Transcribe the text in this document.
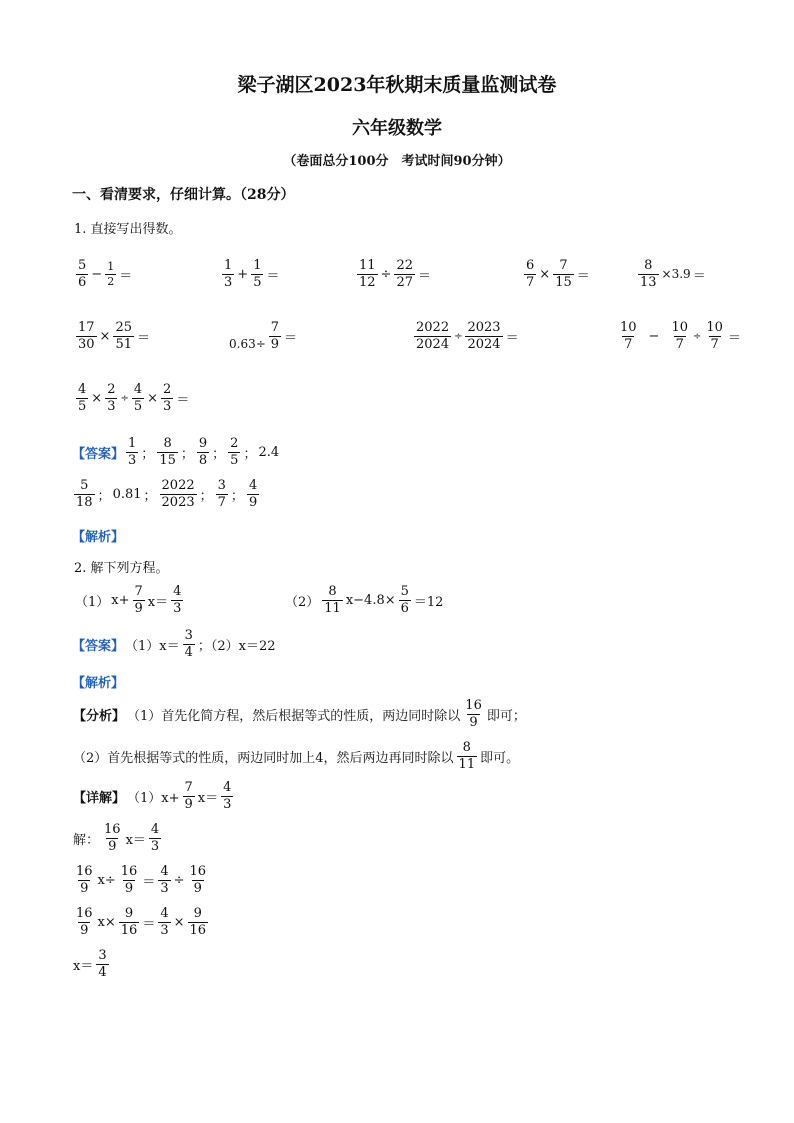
梁子湖区2023年秋期末质量监测试卷
六年级数学
（卷面总分100分　考试时间90分钟）
一、看清要求，仔细计算。（28分）
1. 直接写出得数。
$\frac{5}{6} - \frac{1}{2}$ ＝	$\frac{1}{3} + \frac{1}{5}$ ＝	$\frac{11}{12} \div \frac{22}{27}$ ＝	$\frac{6}{7} \times \frac{7}{15}$ ＝	$\frac{8}{13} \times 3.9$ ＝
$\frac{17}{30} \times \frac{25}{51}$ ＝	$0.63\div \frac{7}{9}$ ＝	$\frac{2022}{2024} \div \frac{2023}{2024}$ ＝	$\frac{10}{7} - \frac{10}{7} \div \frac{10}{7}$ ＝
$\frac{4}{5} \times \frac{2}{3} \div \frac{4}{5} \times \frac{2}{3}$ ＝
【答案】 $\frac{1}{3}$ ； $\frac{8}{15}$ ； $\frac{9}{8}$ ； $\frac{2}{5}$ ； 2.4
$\frac{5}{18}$ ； 0.81 ； $\frac{2022}{2023}$ ； $\frac{3}{7}$ ； $\frac{4}{9}$
【解析】
2. 解下列方程。
（1） $x+ \frac{7}{9} x= \frac{4}{3}$	$(2) \frac{8}{11} x-4.8\times \frac{5}{6} =12$
【答案】 $(1)x= \frac{3}{4}$ ；（2）x＝22
【解析】
【分析】 （1）首先化简方程，然后根据等式的性质，两边同时除以 $\frac{16}{9}$ 即可；
（2）首先根据等式的性质，两边同时加上4，然后两边再同时除以 $\frac{8}{11}$ 即可。
【详解】 $(1)x+ \frac{7}{9} x= \frac{4}{3}$
解： $\frac{16}{9} x= \frac{4}{3}$
$\frac{16}{9} x\div \frac{16}{9} = \frac{4}{3} \div \frac{16}{9}$
$\frac{16}{9} x\times \frac{9}{16} = \frac{4}{3} \times \frac{9}{16}$
$x= \frac{3}{4}$
